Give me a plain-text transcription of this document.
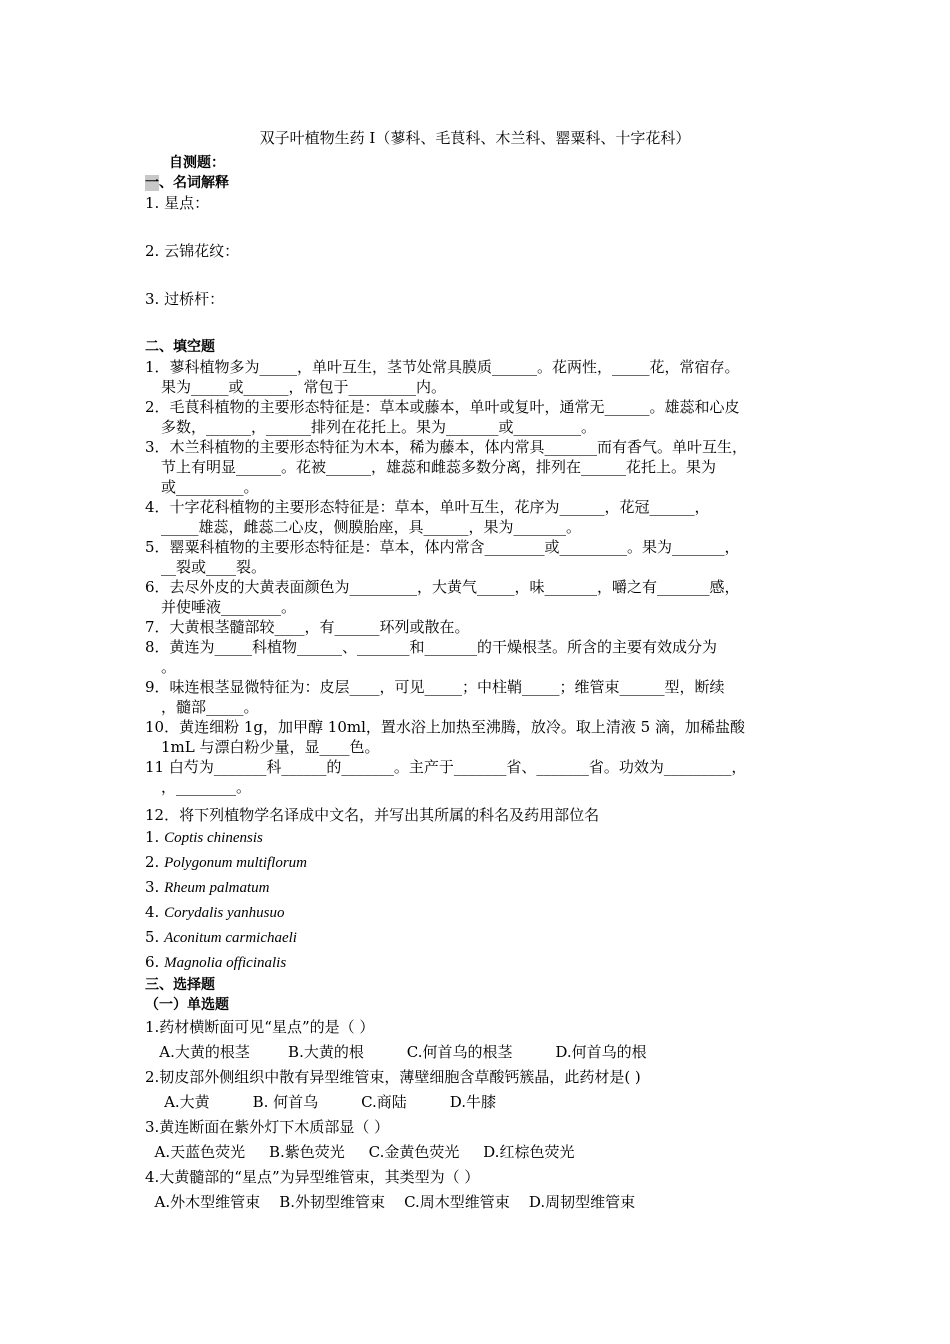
双子叶植物生药 I（蓼科、毛茛科、木兰科、罂粟科、十字花科）
自测题：
一、名词解释
1. 星点：
2. 云锦花纹：
3. 过桥杆：
二、填空题
1．蓼科植物多为_____，单叶互生，茎节处常具膜质______。花两性，_____花，常宿存。
果为_____或______，常包于_________内。
2．毛茛科植物的主要形态特征是：草本或藤本，单叶或复叶，通常无______。雄蕊和心皮
多数，______，______排列在花托上。果为_______或_________。
3．木兰科植物的主要形态特征为木本，稀为藤本，体内常具_______而有香气。单叶互生，
节上有明显______。花被______，雄蕊和雌蕊多数分离，排列在______花托上。果为
或_________。
4．十字花科植物的主要形态特征是：草本，单叶互生，花序为______，花冠______，
_____雄蕊，雌蕊二心皮，侧膜胎座，具______，果为_______。
5．罂粟科植物的主要形态特征是：草本，体内常含________或_________。果为_______，
__裂或____裂。
6．去尽外皮的大黄表面颜色为_________，大黄气_____，味_______，嚼之有_______感，
并使唾液________。
7．大黄根茎髓部较____，有______环列或散在。
8．黄连为_____科植物______、_______和_______的干燥根茎。所含的主要有效成分为
。
9．味连根茎显微特征为：皮层____，可见_____；中柱鞘_____；维管束______型，断续
，髓部_____。
10．黄连细粉 1g，加甲醇 10ml，置水浴上加热至沸腾，放冷。取上清液 5 滴，加稀盐酸
1mL 与漂白粉少量，显____色。
11 白芍为_______科______的_______。主产于_______省、_______省。功效为_________，
，________。
12．将下列植物学名译成中文名，并写出其所属的科名及药用部位名
1. Coptis chinensis
2. Polygonum multiflorum
3. Rheum palmatum
4. Corydalis yanhusuo
5. Aconitum carmichaeli
6. Magnolia officinalis
三、选择题
（一）单选题
1.药材横断面可见“星点”的是（ ）
A.大黄的根茎 B.大黄的根 C.何首乌的根茎 D.何首乌的根
2.韧皮部外侧组织中散有异型维管束，薄壁细胞含草酸钙簇晶，此药材是( )
A.大黄 B. 何首乌 C.商陆 D.牛膝
3.黄连断面在紫外灯下木质部显（ ）
A.天蓝色荧光 B.紫色荧光 C.金黄色荧光 D.红棕色荧光
4.大黄髓部的“星点”为异型维管束，其类型为（ ）
A.外木型维管束 B.外韧型维管束 C.周木型维管束 D.周韧型维管束
